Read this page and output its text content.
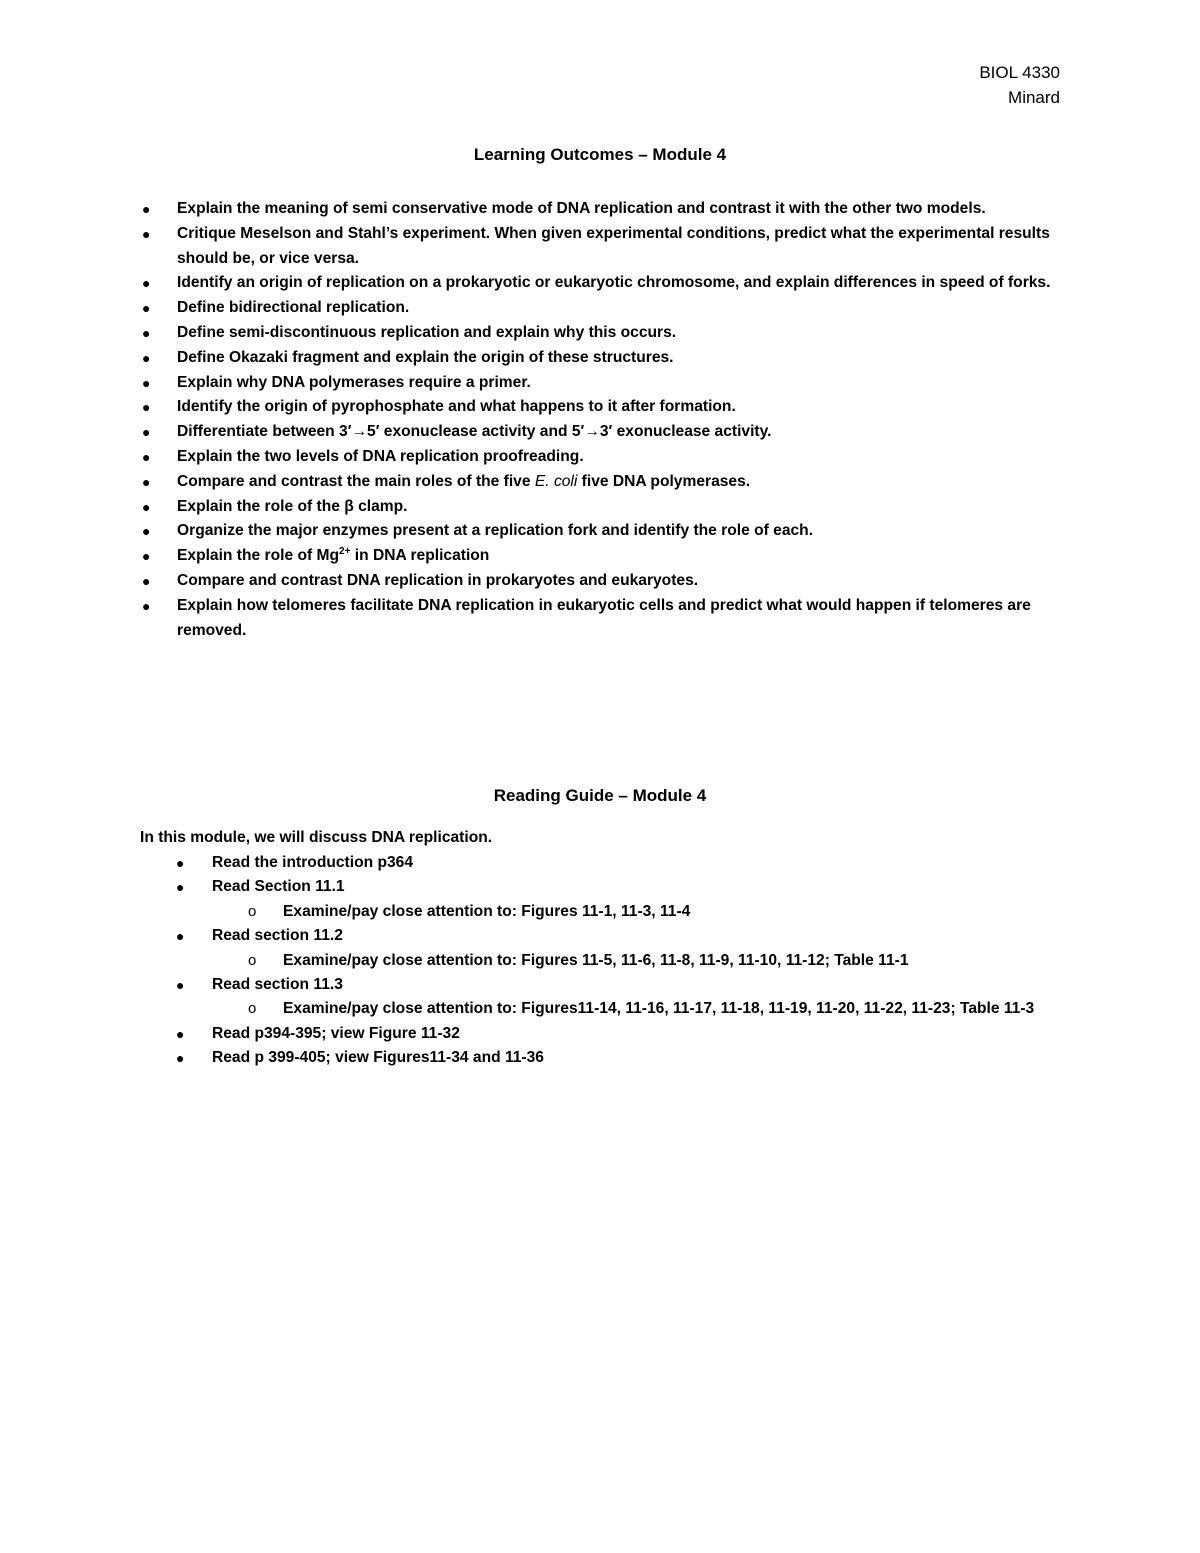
BIOL 4330
Minard
Learning Outcomes – Module 4
● Explain the meaning of semi conservative mode of DNA replication and contrast it with the other two models.
● Critique Meselson and Stahl’s experiment. When given experimental conditions, predict what the experimental results should be, or vice versa.
● Identify an origin of replication on a prokaryotic or eukaryotic chromosome, and explain differences in speed of forks.
● Define bidirectional replication.
● Define semi-discontinuous replication and explain why this occurs.
● Define Okazaki fragment and explain the origin of these structures.
● Explain why DNA polymerases require a primer.
● Identify the origin of pyrophosphate and what happens to it after formation.
● Differentiate between 3′→5′ exonuclease activity and 5′→3′ exonuclease activity.
● Explain the two levels of DNA replication proofreading.
● Compare and contrast the main roles of the five E. coli five DNA polymerases.
● Explain the role of the β clamp.
● Organize the major enzymes present at a replication fork and identify the role of each.
● Explain the role of $Mg^{2+}$ in DNA replication
● Compare and contrast DNA replication in prokaryotes and eukaryotes.
● Explain how telomeres facilitate DNA replication in eukaryotic cells and predict what would happen if telomeres are removed.
Reading Guide – Module 4
In this module, we will discuss DNA replication.
● Read the introduction p364
● Read Section 11.1
o Examine/pay close attention to: Figures 11-1, 11-3, 11-4
● Read section 11.2
o Examine/pay close attention to: Figures 11-5, 11-6, 11-8, 11-9, 11-10, 11-12; Table 11-1
● Read section 11.3
o Examine/pay close attention to: Figures11-14, 11-16, 11-17, 11-18, 11-19, 11-20, 11-22, 11-23; Table 11-3
● Read p394-395; view Figure 11-32
● Read p 399-405; view Figures11-34 and 11-36
